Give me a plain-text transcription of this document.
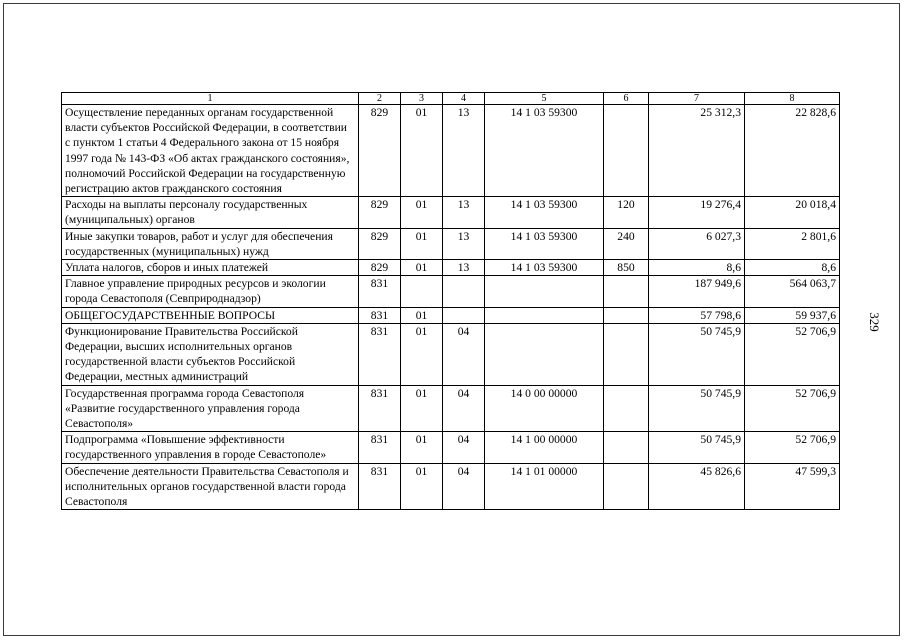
329
1	2	3	4	5	6	7	8
Осуществление переданных органам государственной власти субъектов Российской Федерации, в соответствии с пунктом 1 статьи 4 Федерального закона от 15 ноября 1997 года № 143-ФЗ «Об актах гражданского состояния», полномочий Российской Федерации на государственную регистрацию актов гражданского состояния	829	01	13	14 1 03 59300		25 312,3	22 828,6
Расходы на выплаты персоналу государственных (муниципальных) органов	829	01	13	14 1 03 59300	120	19 276,4	20 018,4
Иные закупки товаров, работ и услуг для обеспечения государственных (муниципальных) нужд	829	01	13	14 1 03 59300	240	6 027,3	2 801,6
Уплата налогов, сборов и иных платежей	829	01	13	14 1 03 59300	850	8,6	8,6
Главное управление природных ресурсов и экологии города Севастополя (Севприроднадзор)	831					187 949,6	564 063,7
ОБЩЕГОСУДАРСТВЕННЫЕ ВОПРОСЫ	831	01				57 798,6	59 937,6
Функционирование Правительства Российской Федерации, высших исполнительных органов государственной власти субъектов Российской Федерации, местных администраций	831	01	04			50 745,9	52 706,9
Государственная программа города Севастополя «Развитие государственного управления города Севастополя»	831	01	04	14 0 00 00000		50 745,9	52 706,9
Подпрограмма «Повышение эффективности государственного управления в городе Севастополе»	831	01	04	14 1 00 00000		50 745,9	52 706,9
Обеспечение деятельности Правительства Севастополя и исполнительных органов государственной власти города Севастополя	831	01	04	14 1 01 00000		45 826,6	47 599,3
